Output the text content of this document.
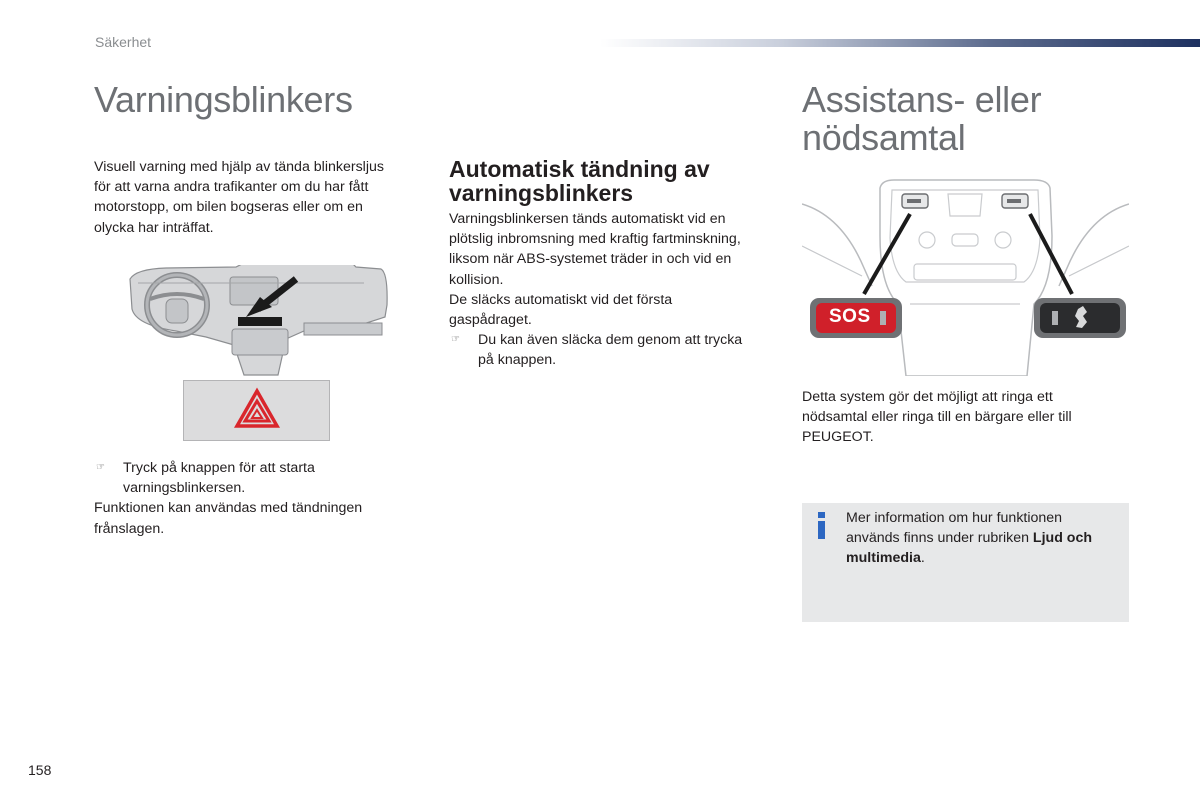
Säkerhet
Varningsblinkers

Visuell varning med hjälp av tända blinkersljus

för att varna andra trafikanter om du har fått

motorstopp, om bilen bogseras eller om en

olycka har inträffat.

☞ Tryck på knappen för att starta

varningsblinkersen.

Funktionen kan användas med tändningen

frånslagen.

Automatisk tändning av
varningsblinkers

Varningsblinkersen tänds automatiskt vid en

plötslig inbromsning med kraftig fartminskning,

liksom när ABS-systemet träder in och vid en

kollision.

De släcks automatiskt vid det första

gaspådraget.

☞ Du kan även släcka dem genom att trycka

på knappen.

Assistans- eller
nödsamtal
SOS

Detta system gör det möjligt att ringa ett

nödsamtal eller ringa till en bärgare eller till

PEUGEOT.

Mer information om hur funktionen
används finns under rubriken Ljud och
multimedia.
158
